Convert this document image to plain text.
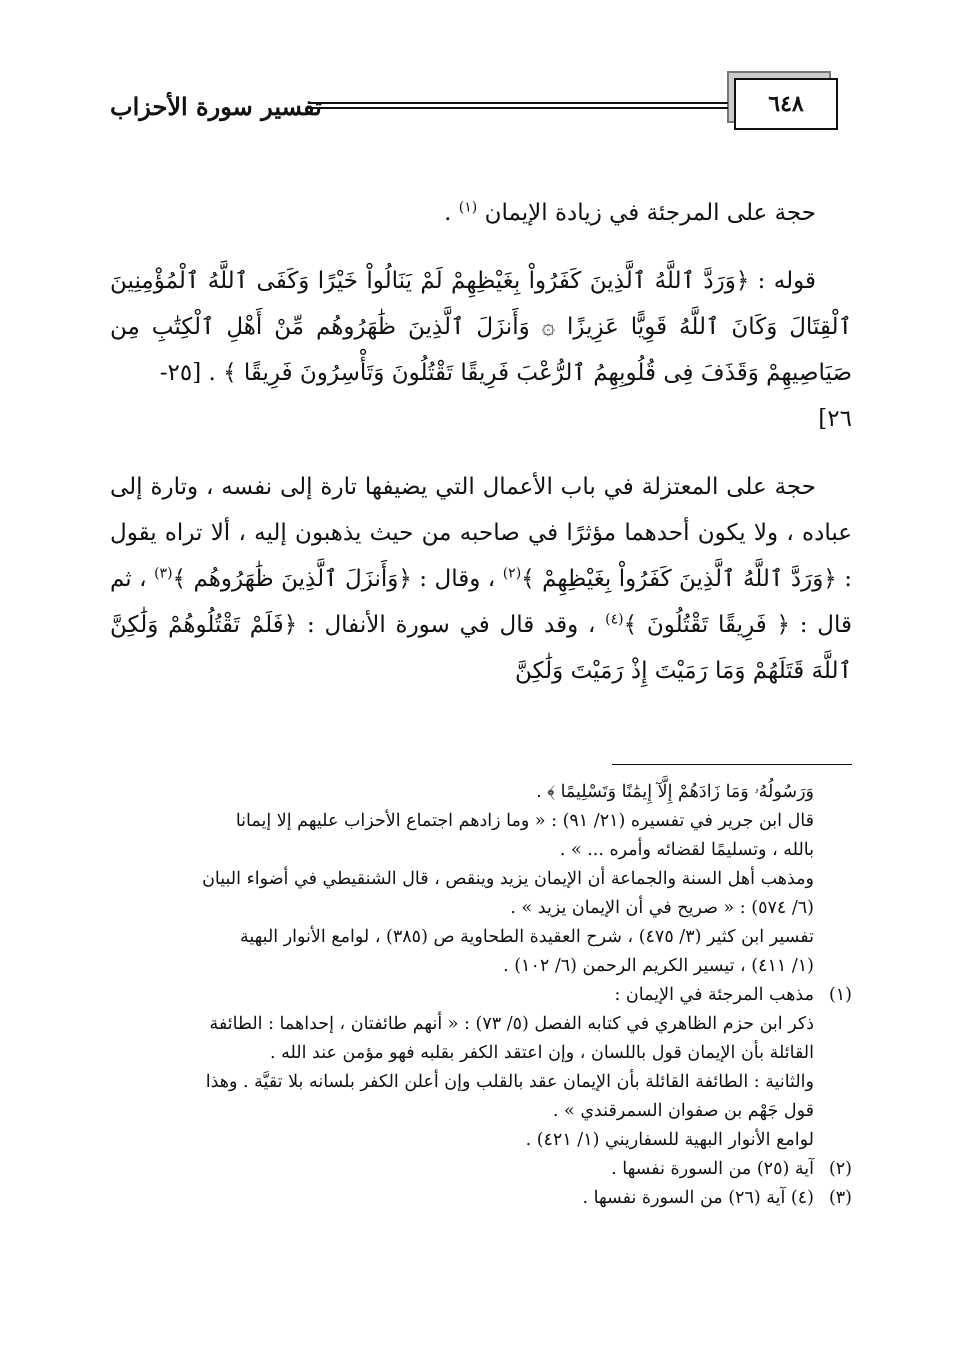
٦٤٨
تفسير سورة الأحزاب

حجة على المرجئة في زيادة الإيمان $^{(١)}$ .

قوله : ﴿وَرَدَّ ٱللَّهُ ٱلَّذِينَ كَفَرُواْ بِغَيْظِهِمْ لَمْ يَنَالُواْ خَيْرًا وَكَفَى ٱللَّهُ ٱلْمُؤْمِنِينَ ٱلْقِتَالَ وَكَانَ ٱللَّهُ قَوِيًّا عَزِيزًا ۞ وَأَنزَلَ ٱلَّذِينَ ظَٰهَرُوهُم مِّنْ أَهْلِ ٱلْكِتَٰبِ مِن صَيَاصِيهِمْ وَقَذَفَ فِى قُلُوبِهِمُ ٱلرُّعْبَ فَرِيقًا تَقْتُلُونَ وَتَأْسِرُونَ فَرِيقًا ﴾ . [٢٥-
٢٦]

حجة على المعتزلة في باب الأعمال التي يضيفها تارة إلى نفسه ، وتارة إلى عباده ، ولا يكون أحدهما مؤثرًا في صاحبه من حيث يذهبون إليه ، ألا تراه يقول : ﴿وَرَدَّ ٱللَّهُ ٱلَّذِينَ كَفَرُواْ بِغَيْظِهِمْ ﴾$^{(٢)}$ ، وقال : ﴿وَأَنزَلَ ٱلَّذِينَ ظَٰهَرُوهُم ﴾$^{(٣)}$ ، ثم قال : ﴿ فَرِيقًا تَقْتُلُونَ ﴾$^{(٤)}$ ، وقد قال في سورة الأنفال : ﴿فَلَمْ تَقْتُلُوهُمْ وَلَٰكِنَّ ٱللَّهَ قَتَلَهُمْ وَمَا رَمَيْتَ إِذْ رَمَيْتَ وَلَٰكِنَّ

وَرَسُولُهُۥ وَمَا زَادَهُمْ إِلَّآ إِيمَٰنًا وَتَسْلِيمًا ﴾ .

قال ابن جرير في تفسيره (٢١/ ٩١) : « وما زادهم اجتماع الأحزاب عليهم إلا إيمانا

بالله ، وتسليمًا لقضائه وأمره ... » .

ومذهب أهل السنة والجماعة أن الإيمان يزيد وينقص ، قال الشنقيطي في أضواء البيان

(٦/ ٥٧٤) : « صريح في أن الإيمان يزيد » .

تفسير ابن كثير (٣/ ٤٧٥) ، شرح العقيدة الطحاوية ص (٣٨٥) ، لوامع الأنوار البهية

(١/ ٤١١) ، تيسير الكريم الرحمن (٦/ ١٠٢) .

(١)مذهب المرجئة في الإيمان :

ذكر ابن حزم الظاهري في كتابه الفصل (٥/ ٧٣) : « أنهم طائفتان ، إحداهما : الطائفة

القائلة بأن الإيمان قول باللسان ، وإن اعتقد الكفر بقلبه فهو مؤمن عند الله .

والثانية : الطائفة القائلة بأن الإيمان عقد بالقلب وإن أعلن الكفر بلسانه بلا تقيَّة . وهذا

قول جَهْم بن صفوان السمرقندي » .

لوامع الأنوار البهية للسفاريني (١/ ٤٢١) .

(٢)آية (٢٥) من السورة نفسها .

(٣)(٤) آية (٢٦) من السورة نفسها .
